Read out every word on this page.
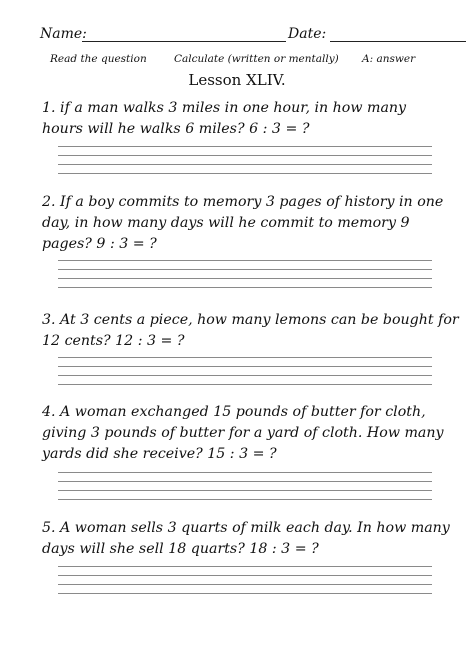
Name:	Date:
Read the question	Calculate (written or mentally) A: answer
Lesson XLIV.
1. if a man walks 3 miles in one hour, in how many
hours will he walks 6 miles? 6 : 3 = ?
2. If a boy commits to memory 3 pages of history in one
day, in how many days will he commit to memory 9
pages? 9 : 3 = ?
3. At 3 cents a piece, how many lemons can be bought for
12 cents? 12 : 3 = ?
4. A woman exchanged 15 pounds of butter for cloth,
giving 3 pounds of butter for a yard of cloth. How many
yards did she receive? 15 : 3 = ?
5. A woman sells 3 quarts of milk each day. In how many
days will she sell 18 quarts? 18 : 3 = ?
